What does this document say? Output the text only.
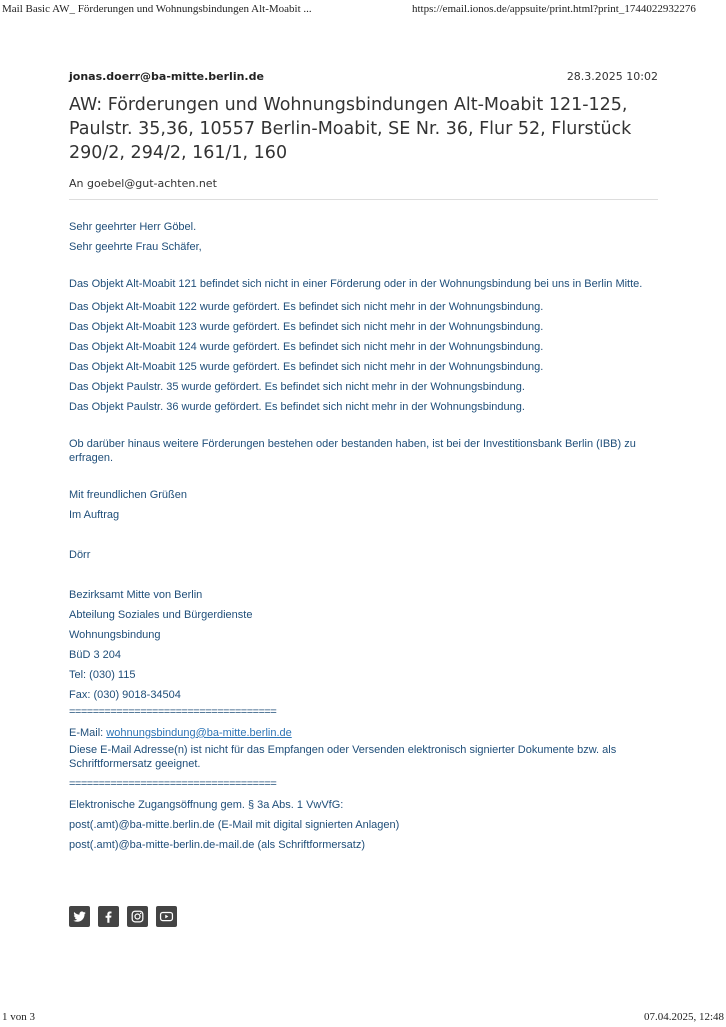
Mail Basic AW_ Förderungen und Wohnungsbindungen Alt-Moabit ...	https://email.ionos.de/appsuite/print.html?print_1744022932276
jonas.doerr@ba-mitte.berlin.de	28.3.2025 10:02
AW: Förderungen und Wohnungsbindungen Alt-Moabit 121-125, Paulstr. 35,36, 10557 Berlin-Moabit, SE Nr. 36, Flur 52, Flurstück 290/2, 294/2, 161/1, 160
An goebel@gut-achten.net

Sehr geehrter Herr Göbel.

Sehr geehrte Frau Schäfer,

Das Objekt Alt-Moabit 121 befindet sich nicht in einer Förderung oder in der Wohnungsbindung bei uns in Berlin Mitte.

Das Objekt Alt-Moabit 122 wurde gefördert. Es befindet sich nicht mehr in der Wohnungsbindung.

Das Objekt Alt-Moabit 123 wurde gefördert. Es befindet sich nicht mehr in der Wohnungsbindung.

Das Objekt Alt-Moabit 124 wurde gefördert. Es befindet sich nicht mehr in der Wohnungsbindung.

Das Objekt Alt-Moabit 125 wurde gefördert. Es befindet sich nicht mehr in der Wohnungsbindung.

Das Objekt Paulstr. 35 wurde gefördert. Es befindet sich nicht mehr in der Wohnungsbindung.

Das Objekt Paulstr. 36 wurde gefördert. Es befindet sich nicht mehr in der Wohnungsbindung.

Ob darüber hinaus weitere Förderungen bestehen oder bestanden haben, ist bei der Investitionsbank Berlin (IBB) zu erfragen.

Mit freundlichen Grüßen

Im Auftrag

Dörr

Bezirksamt Mitte von Berlin

Abteilung Soziales und Bürgerdienste

Wohnungsbindung

BüD 3 204

Tel: (030) 115

Fax: (030) 9018-34504

===================================

E-Mail: wohnungsbindung@ba-mitte.berlin.de

Diese E-Mail Adresse(n) ist nicht für das Empfangen oder Versenden elektronisch signierter Dokumente bzw. als Schriftformersatz geeignet.

===================================

Elektronische Zugangsöffnung gem. § 3a Abs. 1 VwVfG:

post(.amt)@ba-mitte.berlin.de (E-Mail mit digital signierten Anlagen)

post(.amt)@ba-mitte-berlin.de-mail.de (als Schriftformersatz)

1 von 3	07.04.2025, 12:48
